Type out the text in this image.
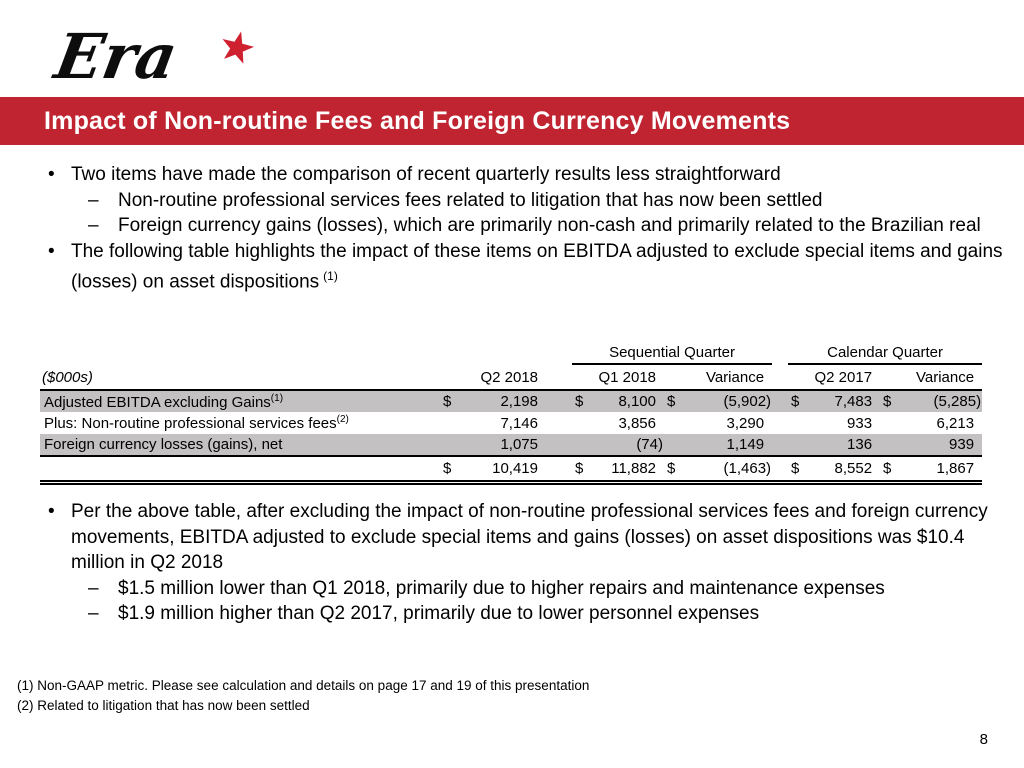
Era
Impact of Non-routine Fees and Foreign Currency Movements
• Two items have made the comparison of recent quarterly results less straightforward
–	Non-routine professional services fees related to litigation that has now been settled
–	Foreign currency gains (losses), which are primarily non-cash and primarily related to the Brazilian real
• The following table highlights the impact of these items on EBITDA adjusted to exclude special items and gains (losses) on asset dispositions $^{(1)}$
				Sequential Quarter					Calendar Quarter			
($000s)	Q2 2018			Q1 2018		Variance			Q2 2017		Variance	
Adjusted EBITDA excluding Gains$^{(1)}$	$	2,198		$	8,100	$	(5,902)		$	7,483	$	(5,285)
Plus: Non-routine professional services fees$^{(2)}$		7,146			3,856		3,290			933		6,213
Foreign currency losses (gains), net		1,075			(74)		1,149			136		939
	$	10,419		$	11,882	$	(1,463)		$	8,552	$	1,867
• Per the above table, after excluding the impact of non-routine professional services fees and foreign currency movements, EBITDA adjusted to exclude special items and gains (losses) on asset dispositions was $10.4 million in Q2 2018
–	$1.5 million lower than Q1 2018, primarily due to higher repairs and maintenance expenses
–	$1.9 million higher than Q2 2017, primarily due to lower personnel expenses
(1) Non-GAAP metric. Please see calculation and details on page 17 and 19 of this presentation
(2) Related to litigation that has now been settled
8
